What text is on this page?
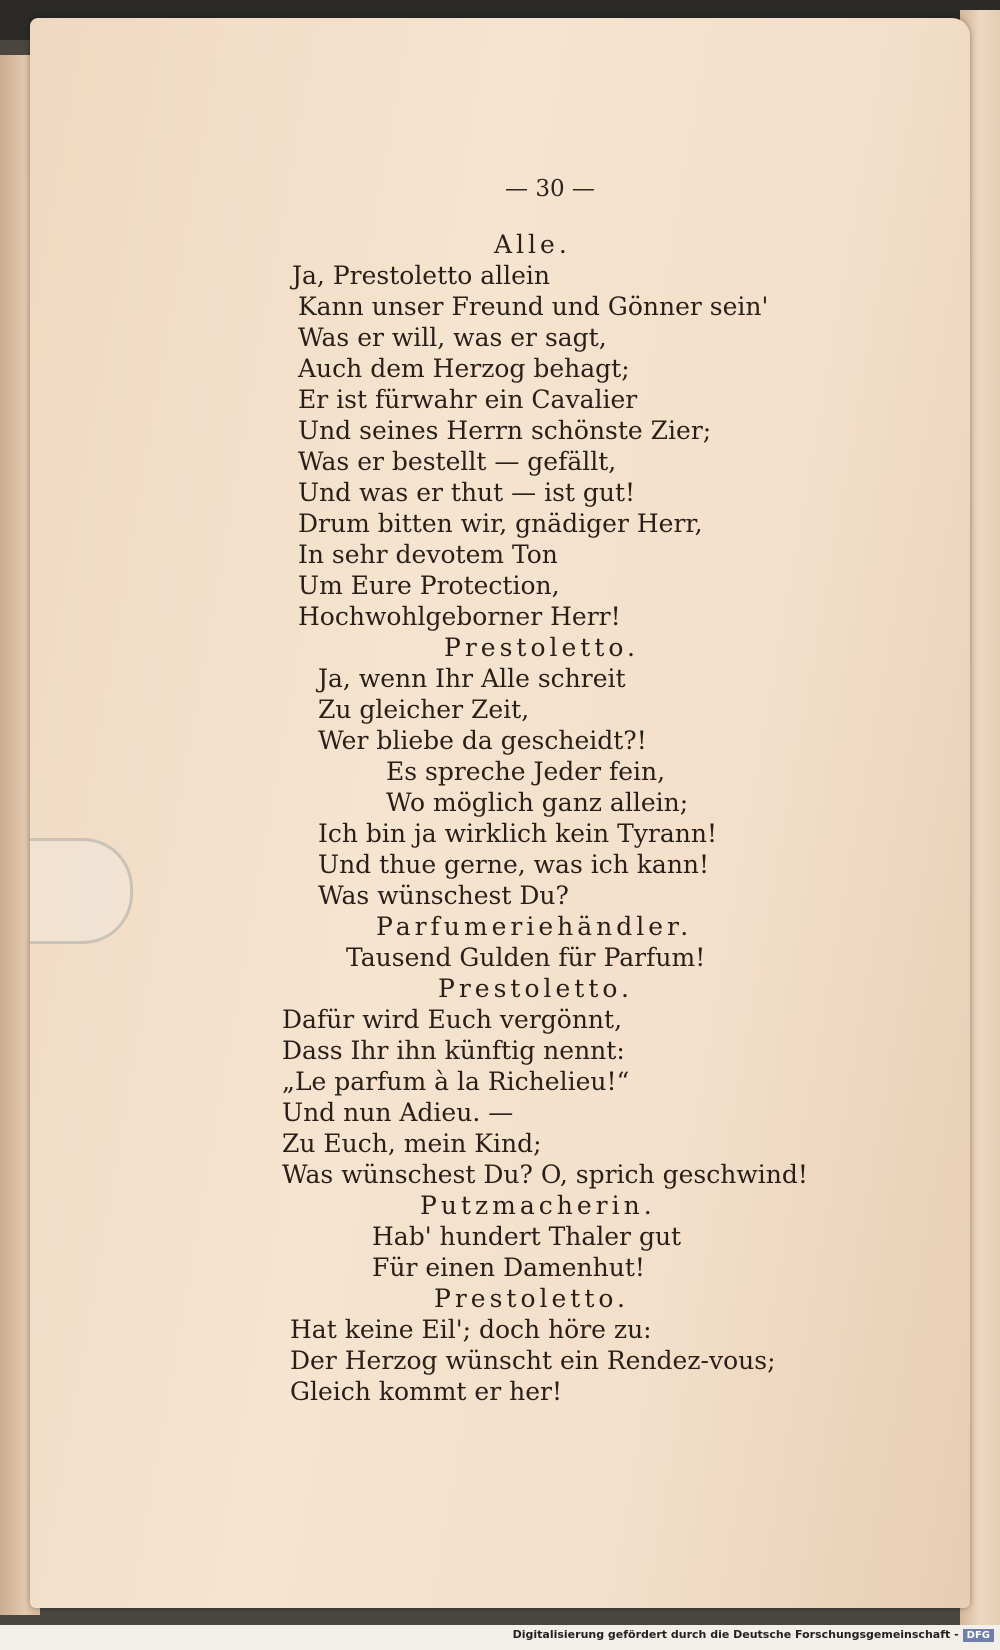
— 30 —
Alle.
Ja, Prestoletto allein
Kann unser Freund und Gönner sein'
Was er will, was er sagt,
Auch dem Herzog behagt;
Er ist fürwahr ein Cavalier
Und seines Herrn schönste Zier;
Was er bestellt — gefällt,
Und was er thut — ist gut!
Drum bitten wir, gnädiger Herr,
In sehr devotem Ton
Um Eure Protection,
Hochwohlgeborner Herr!
Prestoletto.
Ja, wenn Ihr Alle schreit
Zu gleicher Zeit,
Wer bliebe da gescheidt?!
Es spreche Jeder fein,
Wo möglich ganz allein;
Ich bin ja wirklich kein Tyrann!
Und thue gerne, was ich kann!
Was wünschest Du?
Parfumeriehändler.
Tausend Gulden für Parfum!
Prestoletto.
Dafür wird Euch vergönnt,
Dass Ihr ihn künftig nennt:
„Le parfum à la Richelieu!“
Und nun Adieu. —
Zu Euch, mein Kind;
Was wünschest Du? O, sprich geschwind!
Putzmacherin.
Hab' hundert Thaler gut
Für einen Damenhut!
Prestoletto.
Hat keine Eil'; doch höre zu:
Der Herzog wünscht ein Rendez-vous;
Gleich kommt er her!
Digitalisierung gefördert durch die Deutsche Forschungsgemeinschaft - DFG
